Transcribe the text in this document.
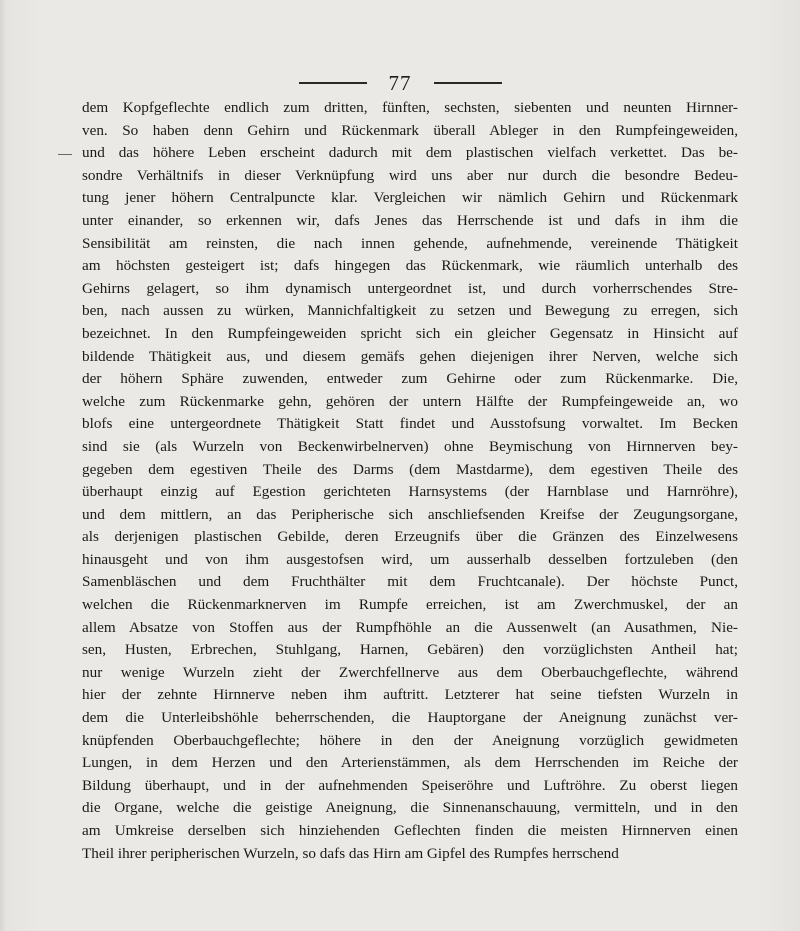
77
dem Kopfgeflechte endlich zum dritten, fünften, sechsten, siebenten und neunten Hirnner-
ven. So haben denn Gehirn und Rückenmark überall Ableger in den Rumpfeingeweiden,
und das höhere Leben erscheint dadurch mit dem plastischen vielfach verkettet. Das be-
sondre Verhältnifs in dieser Verknüpfung wird uns aber nur durch die besondre Bedeu-
tung jener höhern Centralpuncte klar. Vergleichen wir nämlich Gehirn und Rückenmark
unter einander, so erkennen wir, dafs Jenes das Herrschende ist und dafs in ihm die
Sensibilität am reinsten, die nach innen gehende, aufnehmende, vereinende Thätigkeit
am höchsten gesteigert ist; dafs hingegen das Rückenmark, wie räumlich unterhalb des
Gehirns gelagert, so ihm dynamisch untergeordnet ist, und durch vorherrschendes Stre-
ben, nach aussen zu würken, Mannichfaltigkeit zu setzen und Bewegung zu erregen, sich
bezeichnet. In den Rumpfeingeweiden spricht sich ein gleicher Gegensatz in Hinsicht auf
bildende Thätigkeit aus, und diesem gemäfs gehen diejenigen ihrer Nerven, welche sich
der höhern Sphäre zuwenden, entweder zum Gehirne oder zum Rückenmarke. Die,
welche zum Rückenmarke gehn, gehören der untern Hälfte der Rumpfeingeweide an, wo
blofs eine untergeordnete Thätigkeit Statt findet und Ausstofsung vorwaltet. Im Becken
sind sie (als Wurzeln von Beckenwirbelnerven) ohne Beymischung von Hirnnerven bey-
gegeben dem egestiven Theile des Darms (dem Mastdarme), dem egestiven Theile des
überhaupt einzig auf Egestion gerichteten Harnsystems (der Harnblase und Harnröhre),
und dem mittlern, an das Peripherische sich anschliefsenden Kreifse der Zeugungsorgane,
als derjenigen plastischen Gebilde, deren Erzeugnifs über die Gränzen des Einzelwesens
hinausgeht und von ihm ausgestofsen wird, um ausserhalb desselben fortzuleben (den
Samenbläschen und dem Fruchthälter mit dem Fruchtcanale). Der höchste Punct,
welchen die Rückenmarknerven im Rumpfe erreichen, ist am Zwerchmuskel, der an
allem Absatze von Stoffen aus der Rumpfhöhle an die Aussenwelt (an Ausathmen, Nie-
sen, Husten, Erbrechen, Stuhlgang, Harnen, Gebären) den vorzüglichsten Antheil hat;
nur wenige Wurzeln zieht der Zwerchfellnerve aus dem Oberbauchgeflechte, während
hier der zehnte Hirnnerve neben ihm auftritt. Letzterer hat seine tiefsten Wurzeln in
dem die Unterleibshöhle beherrschenden, die Hauptorgane der Aneignung zunächst ver-
knüpfenden Oberbauchgeflechte; höhere in den der Aneignung vorzüglich gewidmeten
Lungen, in dem Herzen und den Arterienstämmen, als dem Herrschenden im Reiche der
Bildung überhaupt, und in der aufnehmenden Speiseröhre und Luftröhre. Zu oberst liegen
die Organe, welche die geistige Aneignung, die Sinnenanschauung, vermitteln, und in den
am Umkreise derselben sich hinziehenden Geflechten finden die meisten Hirnnerven einen
Theil ihrer peripherischen Wurzeln, so dafs das Hirn am Gipfel des Rumpfes herrschend
